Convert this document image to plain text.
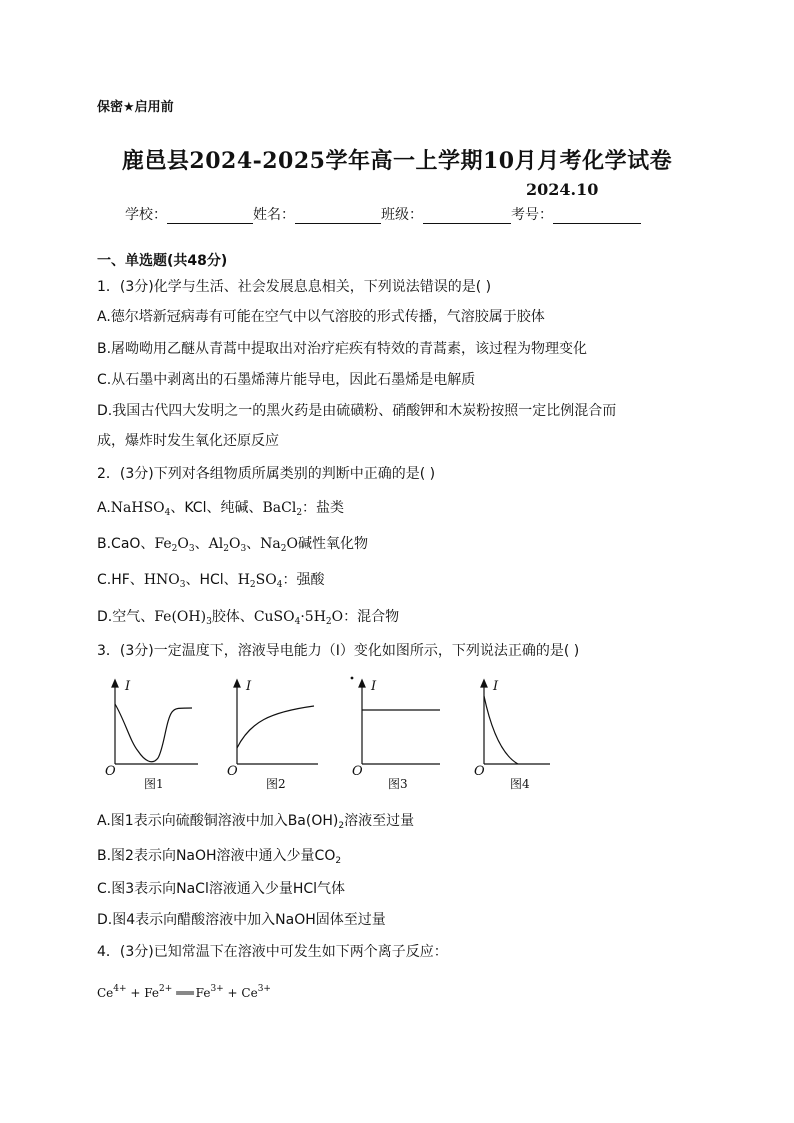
保密★启用前
鹿邑县2024-2025学年高一上学期10月月考化学试卷
2024.10
学校：	姓名：	班级：	考号：
一、单选题(共48分)
1．(3分)化学与生活、社会发展息息相关，下列说法错误的是( )
A.德尔塔新冠病毒有可能在空气中以气溶胶的形式传播，气溶胶属于胶体
B.屠呦呦用乙醚从青蒿中提取出对治疗疟疾有特效的青蒿素，该过程为物理变化
C.从石墨中剥离出的石墨烯薄片能导电，因此石墨烯是电解质
D.我国古代四大发明之一的黑火药是由硫磺粉、硝酸钾和木炭粉按照一定比例混合而
成，爆炸时发生氧化还原反应
2．(3分)下列对各组物质所属类别的判断中正确的是( )
A.NaHSO$_4$、KCl、纯碱、BaCl$_2$：盐类
B.CaO、$Fe_2O_3$、$Al_2O_3$、$Na_2O$碱性氧化物
C.HF、$HNO_3$、HCl、$H_2SO_4$：强酸
D.空气、$Fe(OH)_3$胶体、$CuSO_4\cdot 5H_2O$：混合物
3．(3分)一定温度下，溶液导电能力（Ⅰ）变化如图所示，下列说法正确的是( )
I
O
图1
I
O
图2
I
O
图3
I
O
图4
A.图1表示向硫酸铜溶液中加入$Ba(OH)_2$溶液至过量
B.图2表示向NaOH溶液中通入少量$CO_2$
C.图3表示向NaCl溶液通入少量HCl气体
D.图4表示向醋酸溶液中加入NaOH固体至过量
4．(3分)已知常温下在溶液中可发生如下两个离子反应：
$Ce^{4+} + Fe^{2+}$ ═══ $Fe^{3+} + Ce^{3+}$
